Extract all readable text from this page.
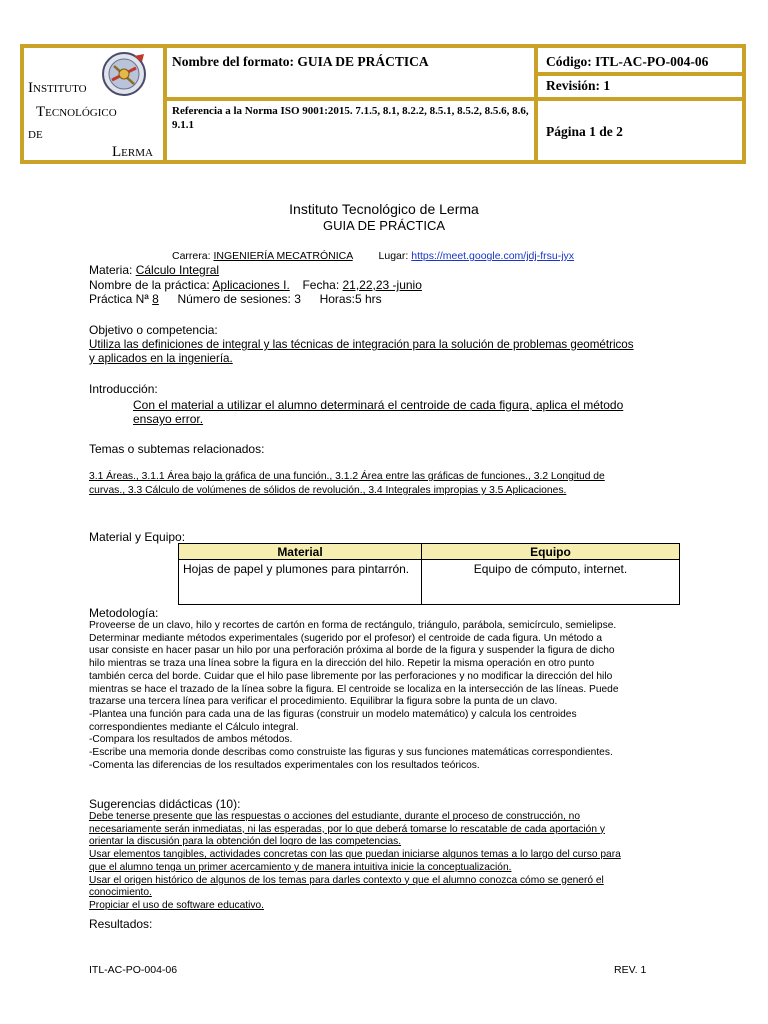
Instituto
Tecnológico
de
Lerma
Nombre del formato: GUIA DE PRÁCTICA
Referencia a la Norma ISO 9001:2015. 7.1.5, 8.1, 8.2.2, 8.5.1, 8.5.2, 8.5.6, 8.6, 9.1.1
Código: ITL-AC-PO-004-06
Revisión: 1
Página 1 de 2
Instituto Tecnológico de Lerma
GUIA DE PRÁCTICA
Carrera: INGENIERÍA MECATRÓNICA Lugar: https://meet.google.com/jdj-frsu-jyx
Materia: Cálculo Integral
Nombre de la práctica: Aplicaciones I. Fecha: 21,22,23 -junio
Práctica Nª 8 Número de sesiones: 3 Horas:5 hrs
Objetivo o competencia:
Utiliza las definiciones de integral y las técnicas de integración para la solución de problemas geométricos
y aplicados en la ingeniería.
Introducción:
Con el material a utilizar el alumno determinará el centroide de cada figura, aplica el método
ensayo error.
Temas o subtemas relacionados:
3.1 Áreas., 3.1.1 Área bajo la gráfica de una función., 3.1.2 Área entre las gráficas de funciones., 3.2 Longitud de
curvas., 3.3 Cálculo de volúmenes de sólidos de revolución., 3.4 Integrales impropias y 3.5 Aplicaciones.
Material y Equipo:
Material	Equipo
Hojas de papel y plumones para pintarrón.	Equipo de cómputo, internet.
Metodología:
Proveerse de un clavo, hilo y recortes de cartón en forma de rectángulo, triángulo, parábola, semicírculo, semielipse.
Determinar mediante métodos experimentales (sugerido por el profesor) el centroide de cada figura. Un método a
usar consiste en hacer pasar un hilo por una perforación próxima al borde de la figura y suspender la figura de dicho
hilo mientras se traza una línea sobre la figura en la dirección del hilo. Repetir la misma operación en otro punto
también cerca del borde. Cuidar que el hilo pase libremente por las perforaciones y no modificar la dirección del hilo
mientras se hace el trazado de la línea sobre la figura. El centroide se localiza en la intersección de las líneas. Puede
trazarse una tercera línea para verificar el procedimiento. Equilibrar la figura sobre la punta de un clavo.
-Plantea una función para cada una de las figuras (construir un modelo matemático) y calcula los centroides
correspondientes mediante el Cálculo integral.
-Compara los resultados de ambos métodos.
-Escribe una memoria donde describas como construiste las figuras y sus funciones matemáticas correspondientes.
-Comenta las diferencias de los resultados experimentales con los resultados teóricos.
Sugerencias didácticas (10):
Debe tenerse presente que las respuestas o acciones del estudiante, durante el proceso de construcción, no
necesariamente serán inmediatas, ni las esperadas, por lo que deberá tomarse lo rescatable de cada aportación y
orientar la discusión para la obtención del logro de las competencias.
Usar elementos tangibles, actividades concretas con las que puedan iniciarse algunos temas a lo largo del curso para
que el alumno tenga un primer acercamiento y de manera intuitiva inicie la conceptualización.
Usar el origen histórico de algunos de los temas para darles contexto y que el alumno conozca cómo se generó el
conocimiento.
Propiciar el uso de software educativo.
Resultados:
ITL-AC-PO-004-06	REV. 1
